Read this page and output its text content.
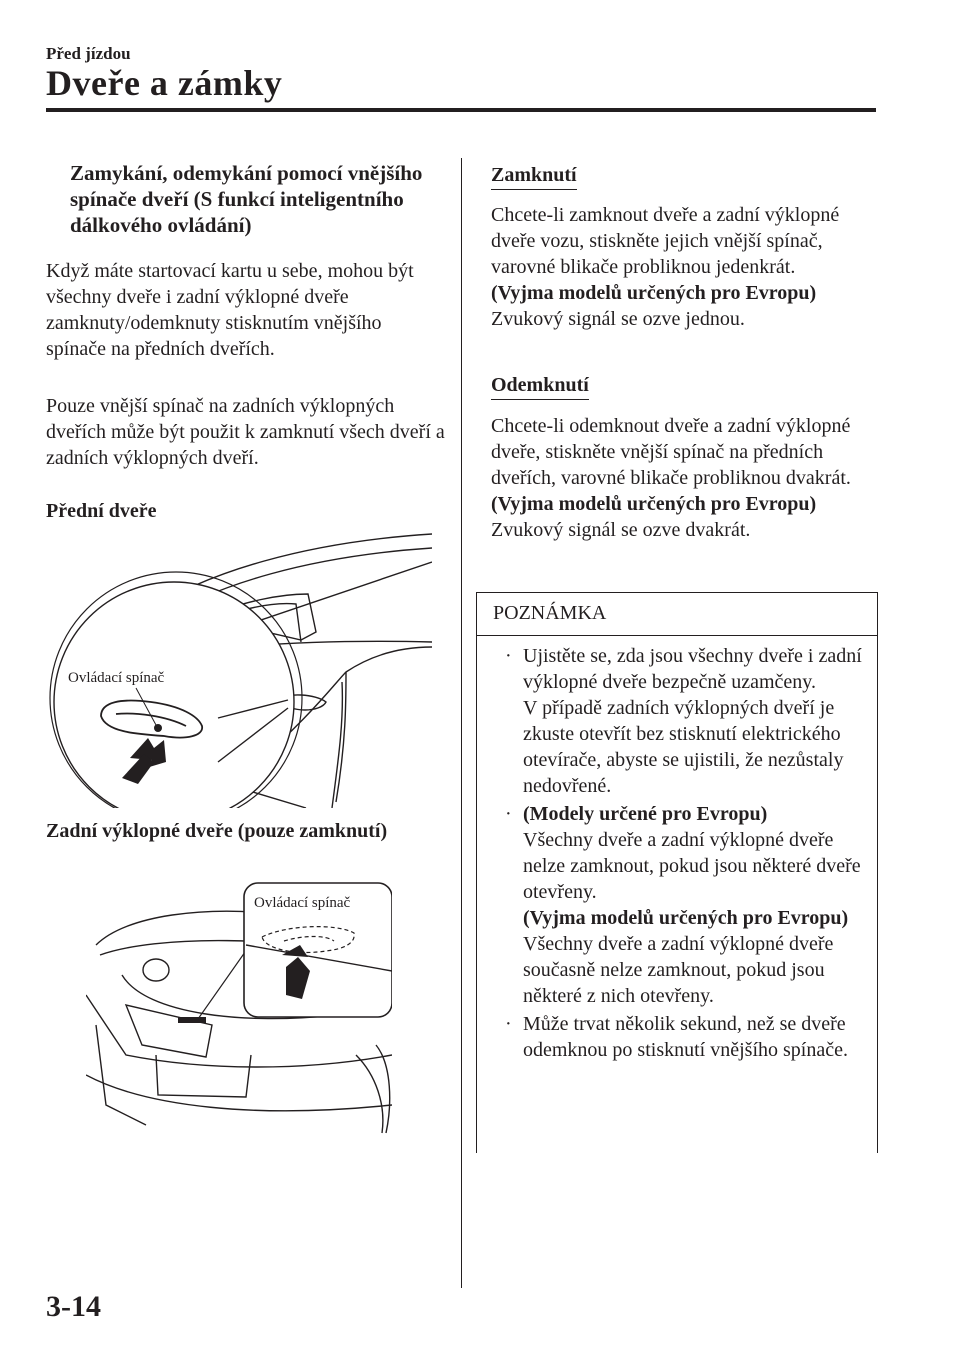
Před jízdou
Dveře a zámky
Zamykání, odemykání pomocí vnějšího spínače dveří (S funkcí inteligentního dálkového ovládání)
Když máte startovací kartu u sebe, mohou být všechny dveře i zadní výklopné dveře zamknuty/odemknuty stisknutím vnějšího spínače na předních dveřích.
Pouze vnější spínač na zadních výklopných dveřích může být použit k zamknutí všech dveří a zadních výklopných dveří.
Přední dveře
Ovládací spínač
Zadní výklopné dveře (pouze zamknutí)
Ovládací spínač
Zamknutí
Chcete-li zamknout dveře a zadní výklopné dveře vozu, stiskněte jejich vnější spínač, varovné blikače probliknou jedenkrát.
(Vyjma modelů určených pro Evropu)
Zvukový signál se ozve jednou.
Odemknutí
Chcete-li odemknout dveře a zadní výklopné dveře, stiskněte vnější spínač na předních dveřích, varovné blikače probliknou dvakrát.
(Vyjma modelů určených pro Evropu)
Zvukový signál se ozve dvakrát.
POZNÁMKA
· Ujistěte se, zda jsou všechny dveře i zadní výklopné dveře bezpečně uzamčeny.
V případě zadních výklopných dveří je zkuste otevřít bez stisknutí elektrického otevírače, abyste se ujistili, že nezůstaly nedovřené.
· (Modely určené pro Evropu)
Všechny dveře a zadní výklopné dveře nelze zamknout, pokud jsou některé dveře otevřeny.
(Vyjma modelů určených pro Evropu)
Všechny dveře a zadní výklopné dveře současně nelze zamknout, pokud jsou některé z nich otevřeny.
· Může trvat několik sekund, než se dveře odemknou po stisknutí vnějšího spínače.
3-14
